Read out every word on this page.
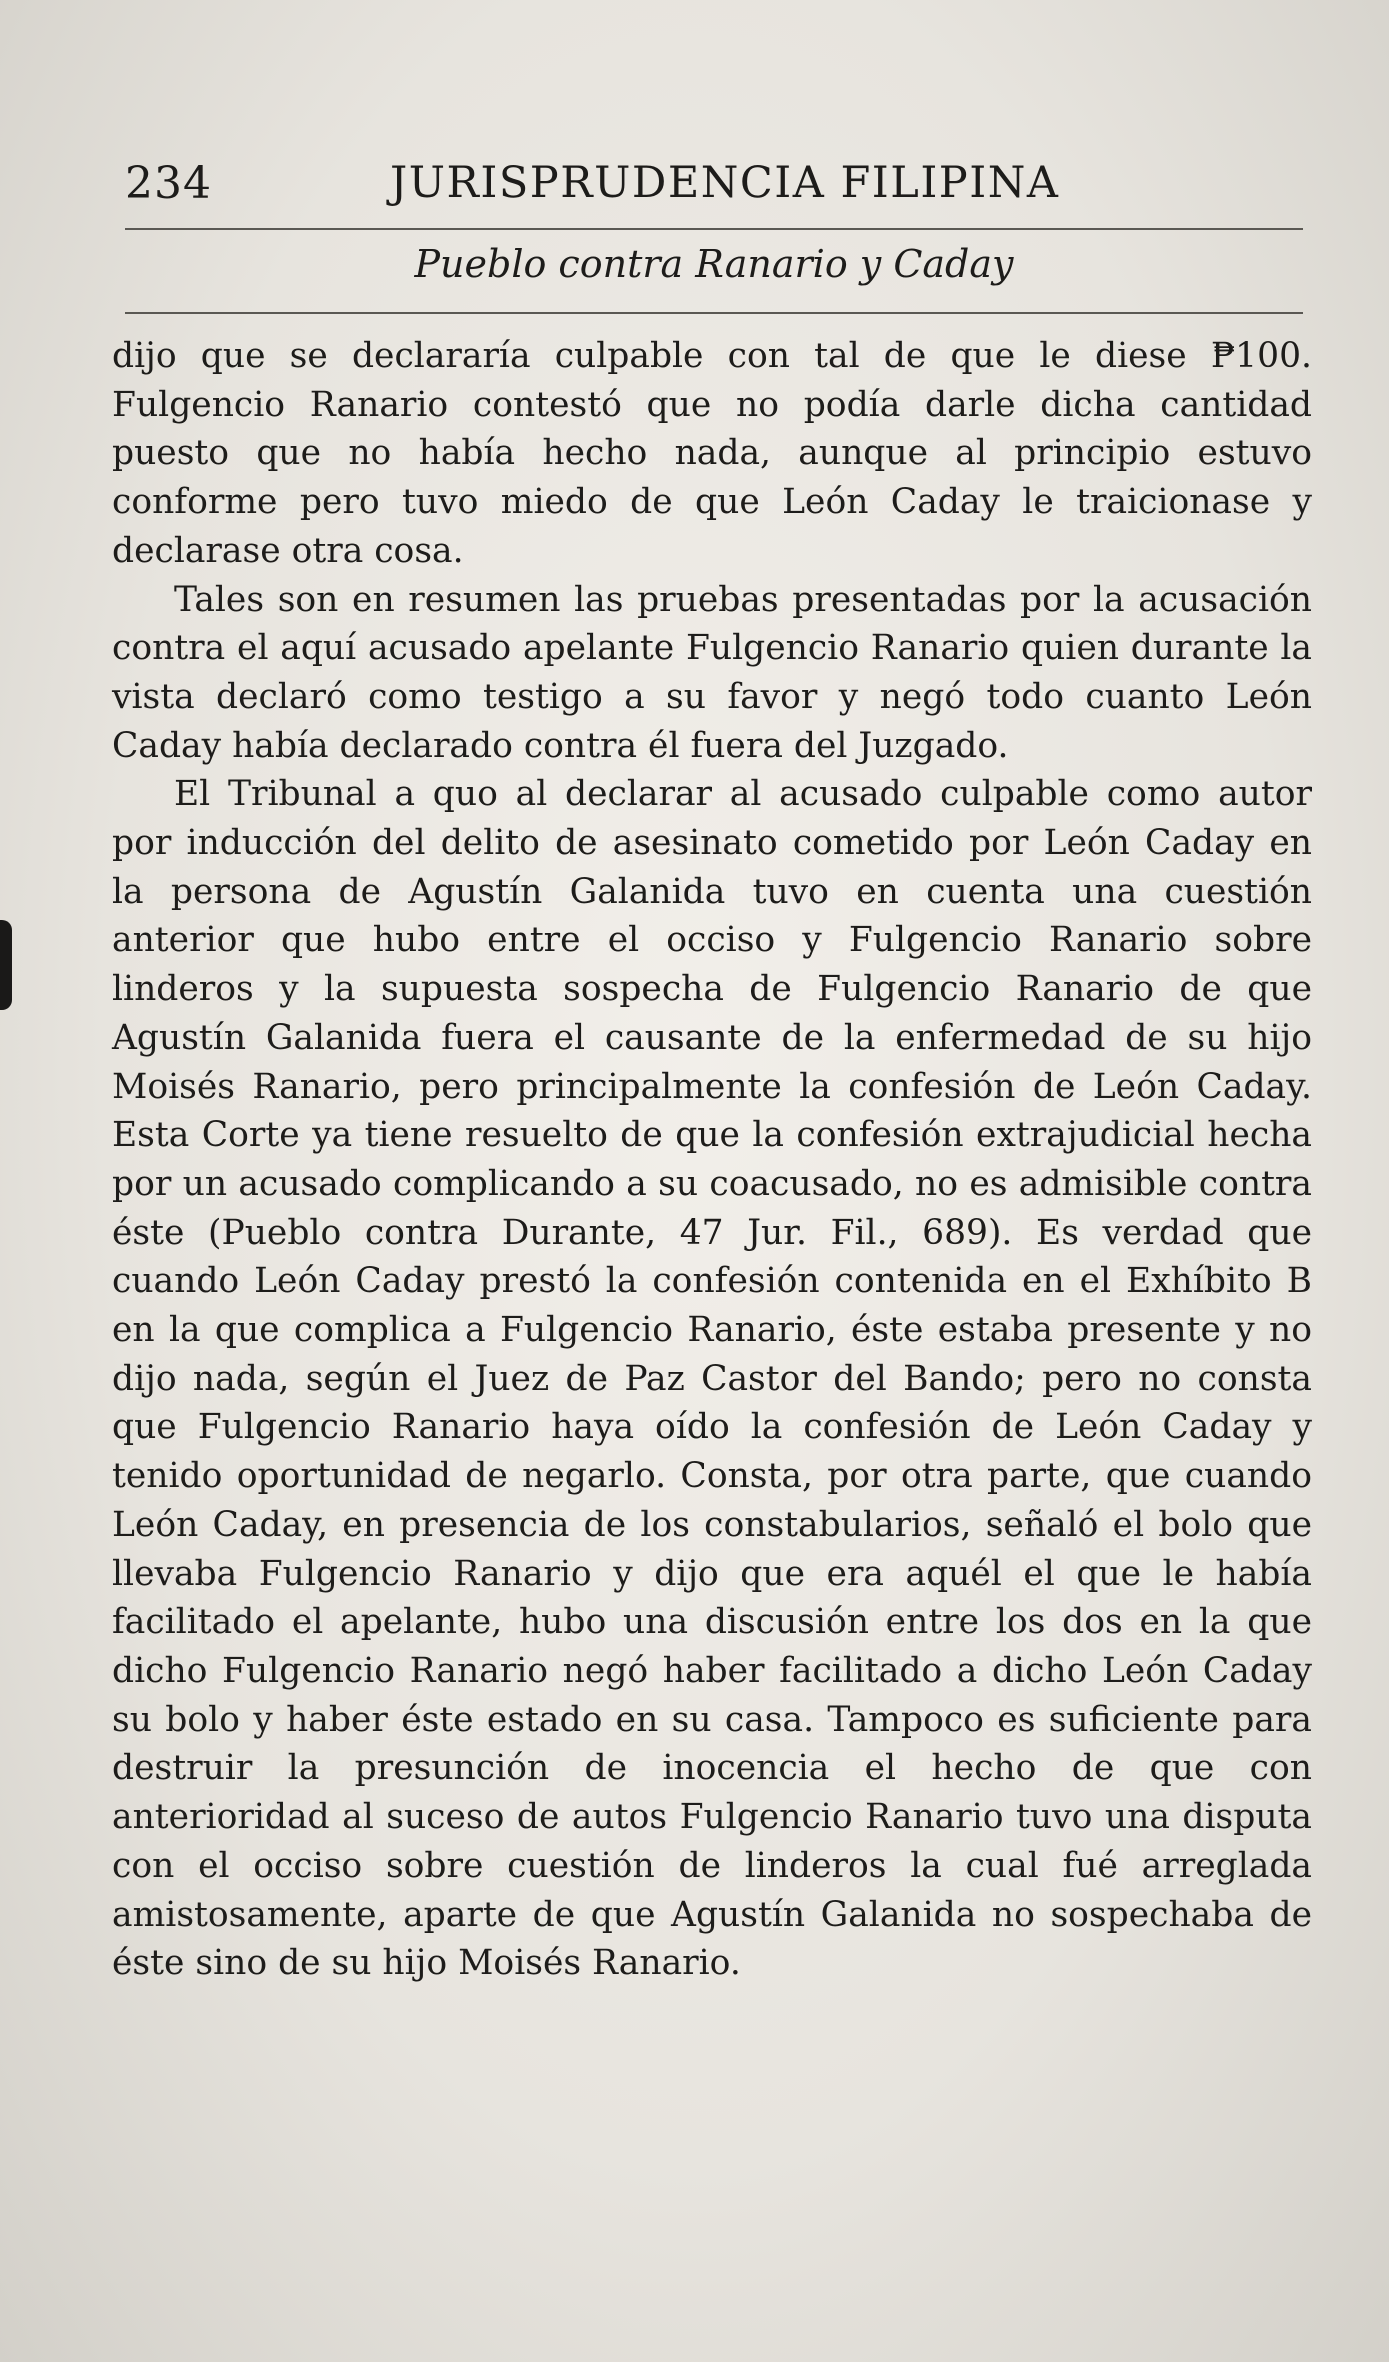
234	JURISPRUDENCIA FILIPINA
Pueblo contra Ranario y Caday

dijo que se declararía culpable con tal de que le diese ₱100. Fulgencio Ranario contestó que no podía darle dicha cantidad puesto que no había hecho nada, aunque al principio estuvo conforme pero tuvo miedo de que León Caday le traicionase y declarase otra cosa.

Tales son en resumen las pruebas presentadas por la acusación contra el aquí acusado apelante Fulgencio Ranario quien durante la vista declaró como testigo a su favor y negó todo cuanto León Caday había declarado contra él fuera del Juzgado.

El Tribunal a quo al declarar al acusado culpable como autor por inducción del delito de asesinato cometido por León Caday en la persona de Agustín Galanida tuvo en cuenta una cuestión anterior que hubo entre el occiso y Fulgencio Ranario sobre linderos y la supuesta sospecha de Fulgencio Ranario de que Agustín Galanida fuera el causante de la enfermedad de su hijo Moisés Ranario, pero principalmente la confesión de León Caday. Esta Corte ya tiene resuelto de que la confesión extrajudicial hecha por un acusado complicando a su coacusado, no es admisible contra éste (Pueblo contra Durante, 47 Jur. Fil., 689). Es verdad que cuando León Caday prestó la confesión contenida en el Exhíbito B en la que complica a Fulgencio Ranario, éste estaba presente y no dijo nada, según el Juez de Paz Castor del Bando; pero no consta que Fulgencio Ranario haya oído la confesión de León Caday y tenido oportunidad de negarlo. Consta, por otra parte, que cuando León Caday, en presencia de los constabularios, señaló el bolo que llevaba Fulgencio Ranario y dijo que era aquél el que le había facilitado el apelante, hubo una discusión entre los dos en la que dicho Fulgencio Ranario negó haber facilitado a dicho León Caday su bolo y haber éste estado en su casa. Tampoco es suficiente para destruir la presunción de inocencia el hecho de que con anterioridad al suceso de autos Fulgencio Ranario tuvo una disputa con el occiso sobre cuestión de linderos la cual fué arreglada amistosamente, aparte de que Agustín Galanida no sospechaba de éste sino de su hijo Moisés Ranario.
